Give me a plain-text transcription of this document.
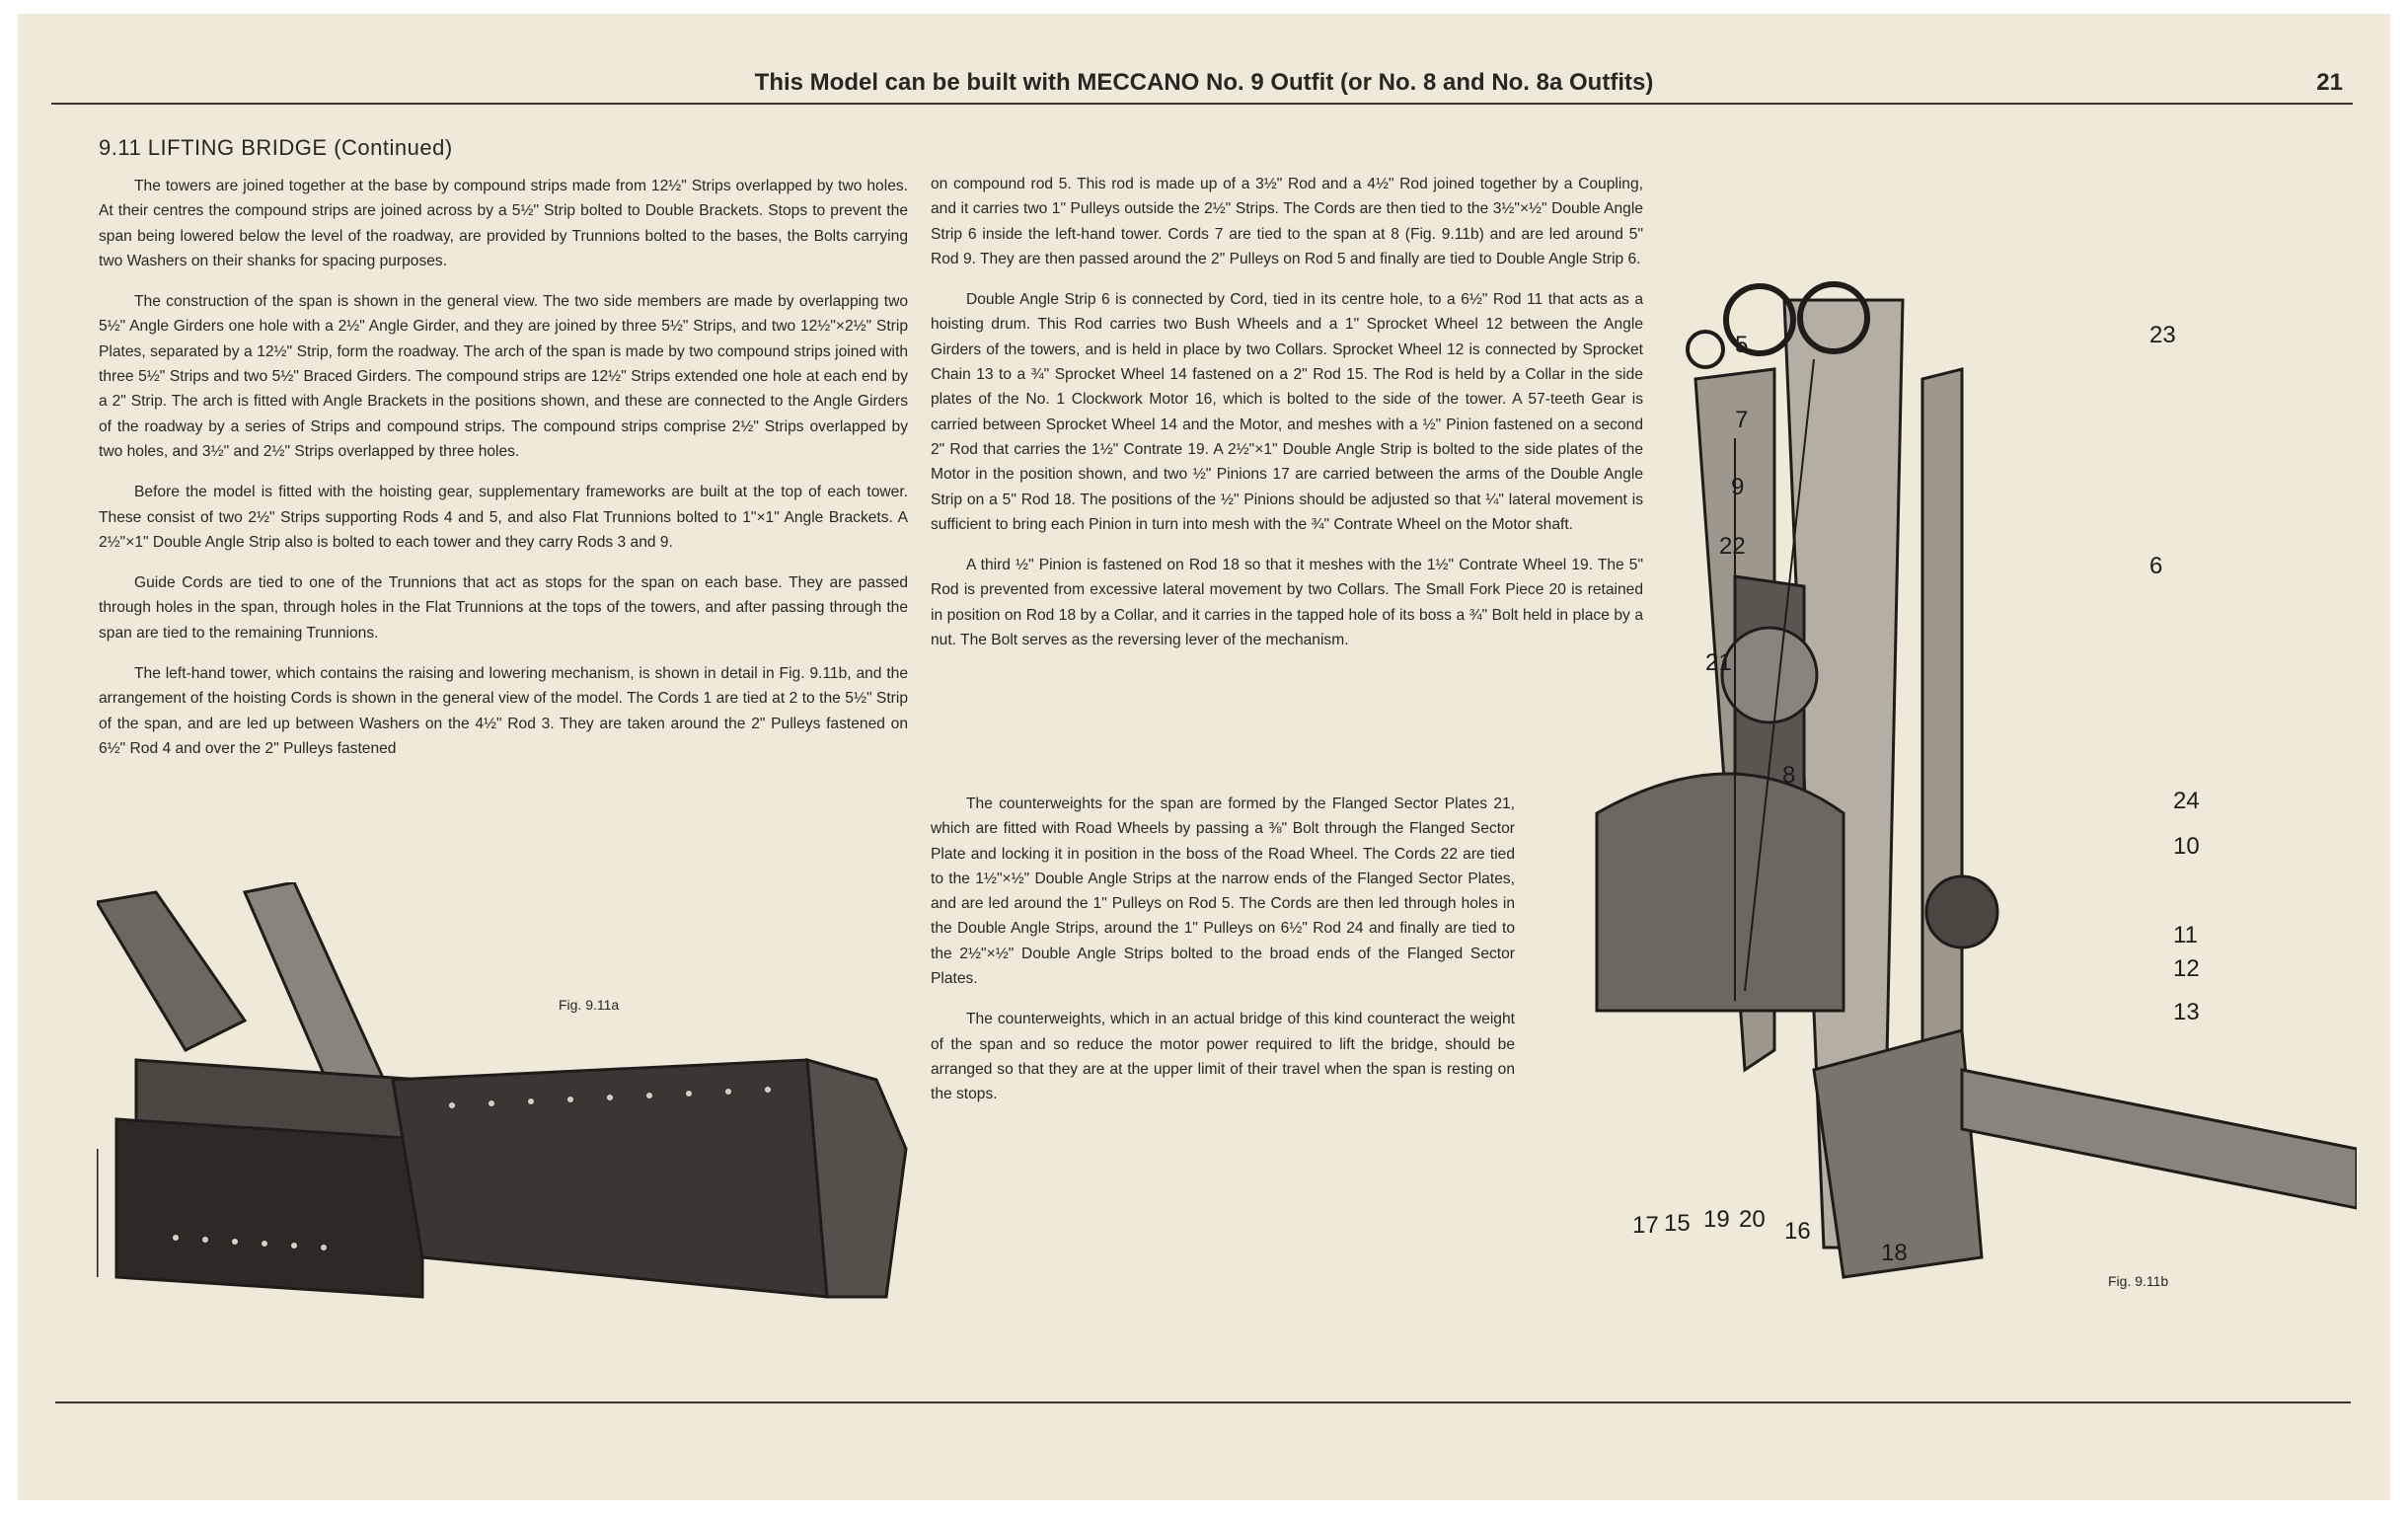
This Model can be built with MECCANO No. 9 Outfit (or No. 8 and No. 8a Outfits)	21
9.11 LIFTING BRIDGE (Continued)

The towers are joined together at the base by compound strips made from 12½" Strips overlapped by two holes. At their centres the compound strips are joined across by a 5½" Strip bolted to Double Brackets. Stops to prevent the span being lowered below the level of the roadway, are provided by Trunnions bolted to the bases, the Bolts carrying two Washers on their shanks for spacing purposes.

The construction of the span is shown in the general view. The two side members are made by overlapping two 5½" Angle Girders one hole with a 2½" Angle Girder, and they are joined by three 5½" Strips, and two 12½"×2½" Strip Plates, separated by a 12½" Strip, form the roadway. The arch of the span is made by two compound strips joined with three 5½" Strips and two 5½" Braced Girders. The compound strips are 12½" Strips extended one hole at each end by a 2" Strip. The arch is fitted with Angle Brackets in the positions shown, and these are connected to the Angle Girders of the roadway by a series of Strips and compound strips. The compound strips comprise 2½" Strips overlapped by two holes, and 3½" and 2½" Strips overlapped by three holes.

Before the model is fitted with the hoisting gear, supplementary frameworks are built at the top of each tower. These consist of two 2½" Strips supporting Rods 4 and 5, and also Flat Trunnions bolted to 1"×1" Angle Brackets. A 2½"×1" Double Angle Strip also is bolted to each tower and they carry Rods 3 and 9.

Guide Cords are tied to one of the Trunnions that act as stops for the span on each base. They are passed through holes in the span, through holes in the Flat Trunnions at the tops of the towers, and after passing through the span are tied to the remaining Trunnions.

The left-hand tower, which contains the raising and lowering mechanism, is shown in detail in Fig. 9.11b, and the arrangement of the hoisting Cords is shown in the general view of the model. The Cords 1 are tied at 2 to the 5½" Strip of the span, and are led up between Washers on the 4½" Rod 3. They are taken around the 2" Pulleys fastened on 6½" Rod 4 and over the 2" Pulleys fastened

on compound rod 5. This rod is made up of a 3½" Rod and a 4½" Rod joined together by a Coupling, and it carries two 1" Pulleys outside the 2½" Strips. The Cords are then tied to the 3½"×½" Double Angle Strip 6 inside the left-hand tower. Cords 7 are tied to the span at 8 (Fig. 9.11b) and are led around 5" Rod 9. They are then passed around the 2" Pulleys on Rod 5 and finally are tied to Double Angle Strip 6.

Double Angle Strip 6 is connected by Cord, tied in its centre hole, to a 6½" Rod 11 that acts as a hoisting drum. This Rod carries two Bush Wheels and a 1" Sprocket Wheel 12 between the Angle Girders of the towers, and is held in place by two Collars. Sprocket Wheel 12 is connected by Sprocket Chain 13 to a ¾" Sprocket Wheel 14 fastened on a 2" Rod 15. The Rod is held by a Collar in the side plates of the No. 1 Clockwork Motor 16, which is bolted to the side of the tower. A 57-teeth Gear is carried between Sprocket Wheel 14 and the Motor, and meshes with a ½" Pinion fastened on a second 2" Rod that carries the 1½" Contrate 19. A 2½"×1" Double Angle Strip is bolted to the side plates of the Motor in the position shown, and two ½" Pinions 17 are carried between the arms of the Double Angle Strip on a 5" Rod 18. The positions of the ½" Pinions should be adjusted so that ¼" lateral movement is sufficient to bring each Pinion in turn into mesh with the ¾" Contrate Wheel on the Motor shaft.

A third ½" Pinion is fastened on Rod 18 so that it meshes with the 1½" Contrate Wheel 19. The 5" Rod is prevented from excessive lateral movement by two Collars. The Small Fork Piece 20 is retained in position on Rod 18 by a Collar, and it carries in the tapped hole of its boss a ¾" Bolt held in place by a nut. The Bolt serves as the reversing lever of the mechanism.

The counterweights for the span are formed by the Flanged Sector Plates 21, which are fitted with Road Wheels by passing a ⅜" Bolt through the Flanged Sector Plate and locking it in position in the boss of the Road Wheel. The Cords 22 are tied to the 1½"×½" Double Angle Strips at the narrow ends of the Flanged Sector Plates, and are led around the 1" Pulleys on Rod 5. The Cords are then led through holes in the Double Angle Strips, around the 1" Pulleys on 6½" Rod 24 and finally are tied to the 2½"×½" Double Angle Strips bolted to the broad ends of the Flanged Sector Plates.

The counterweights, which in an actual bridge of this kind counteract the weight of the span and so reduce the motor power required to lift the bridge, should be arranged so that they are at the upper limit of their travel when the span is resting on the stops.

Fig. 9.11a
Fig. 9.11b
5	23
7
9
22
6
21
8
24
10
11
12
13
17 15 19 20 16
18
